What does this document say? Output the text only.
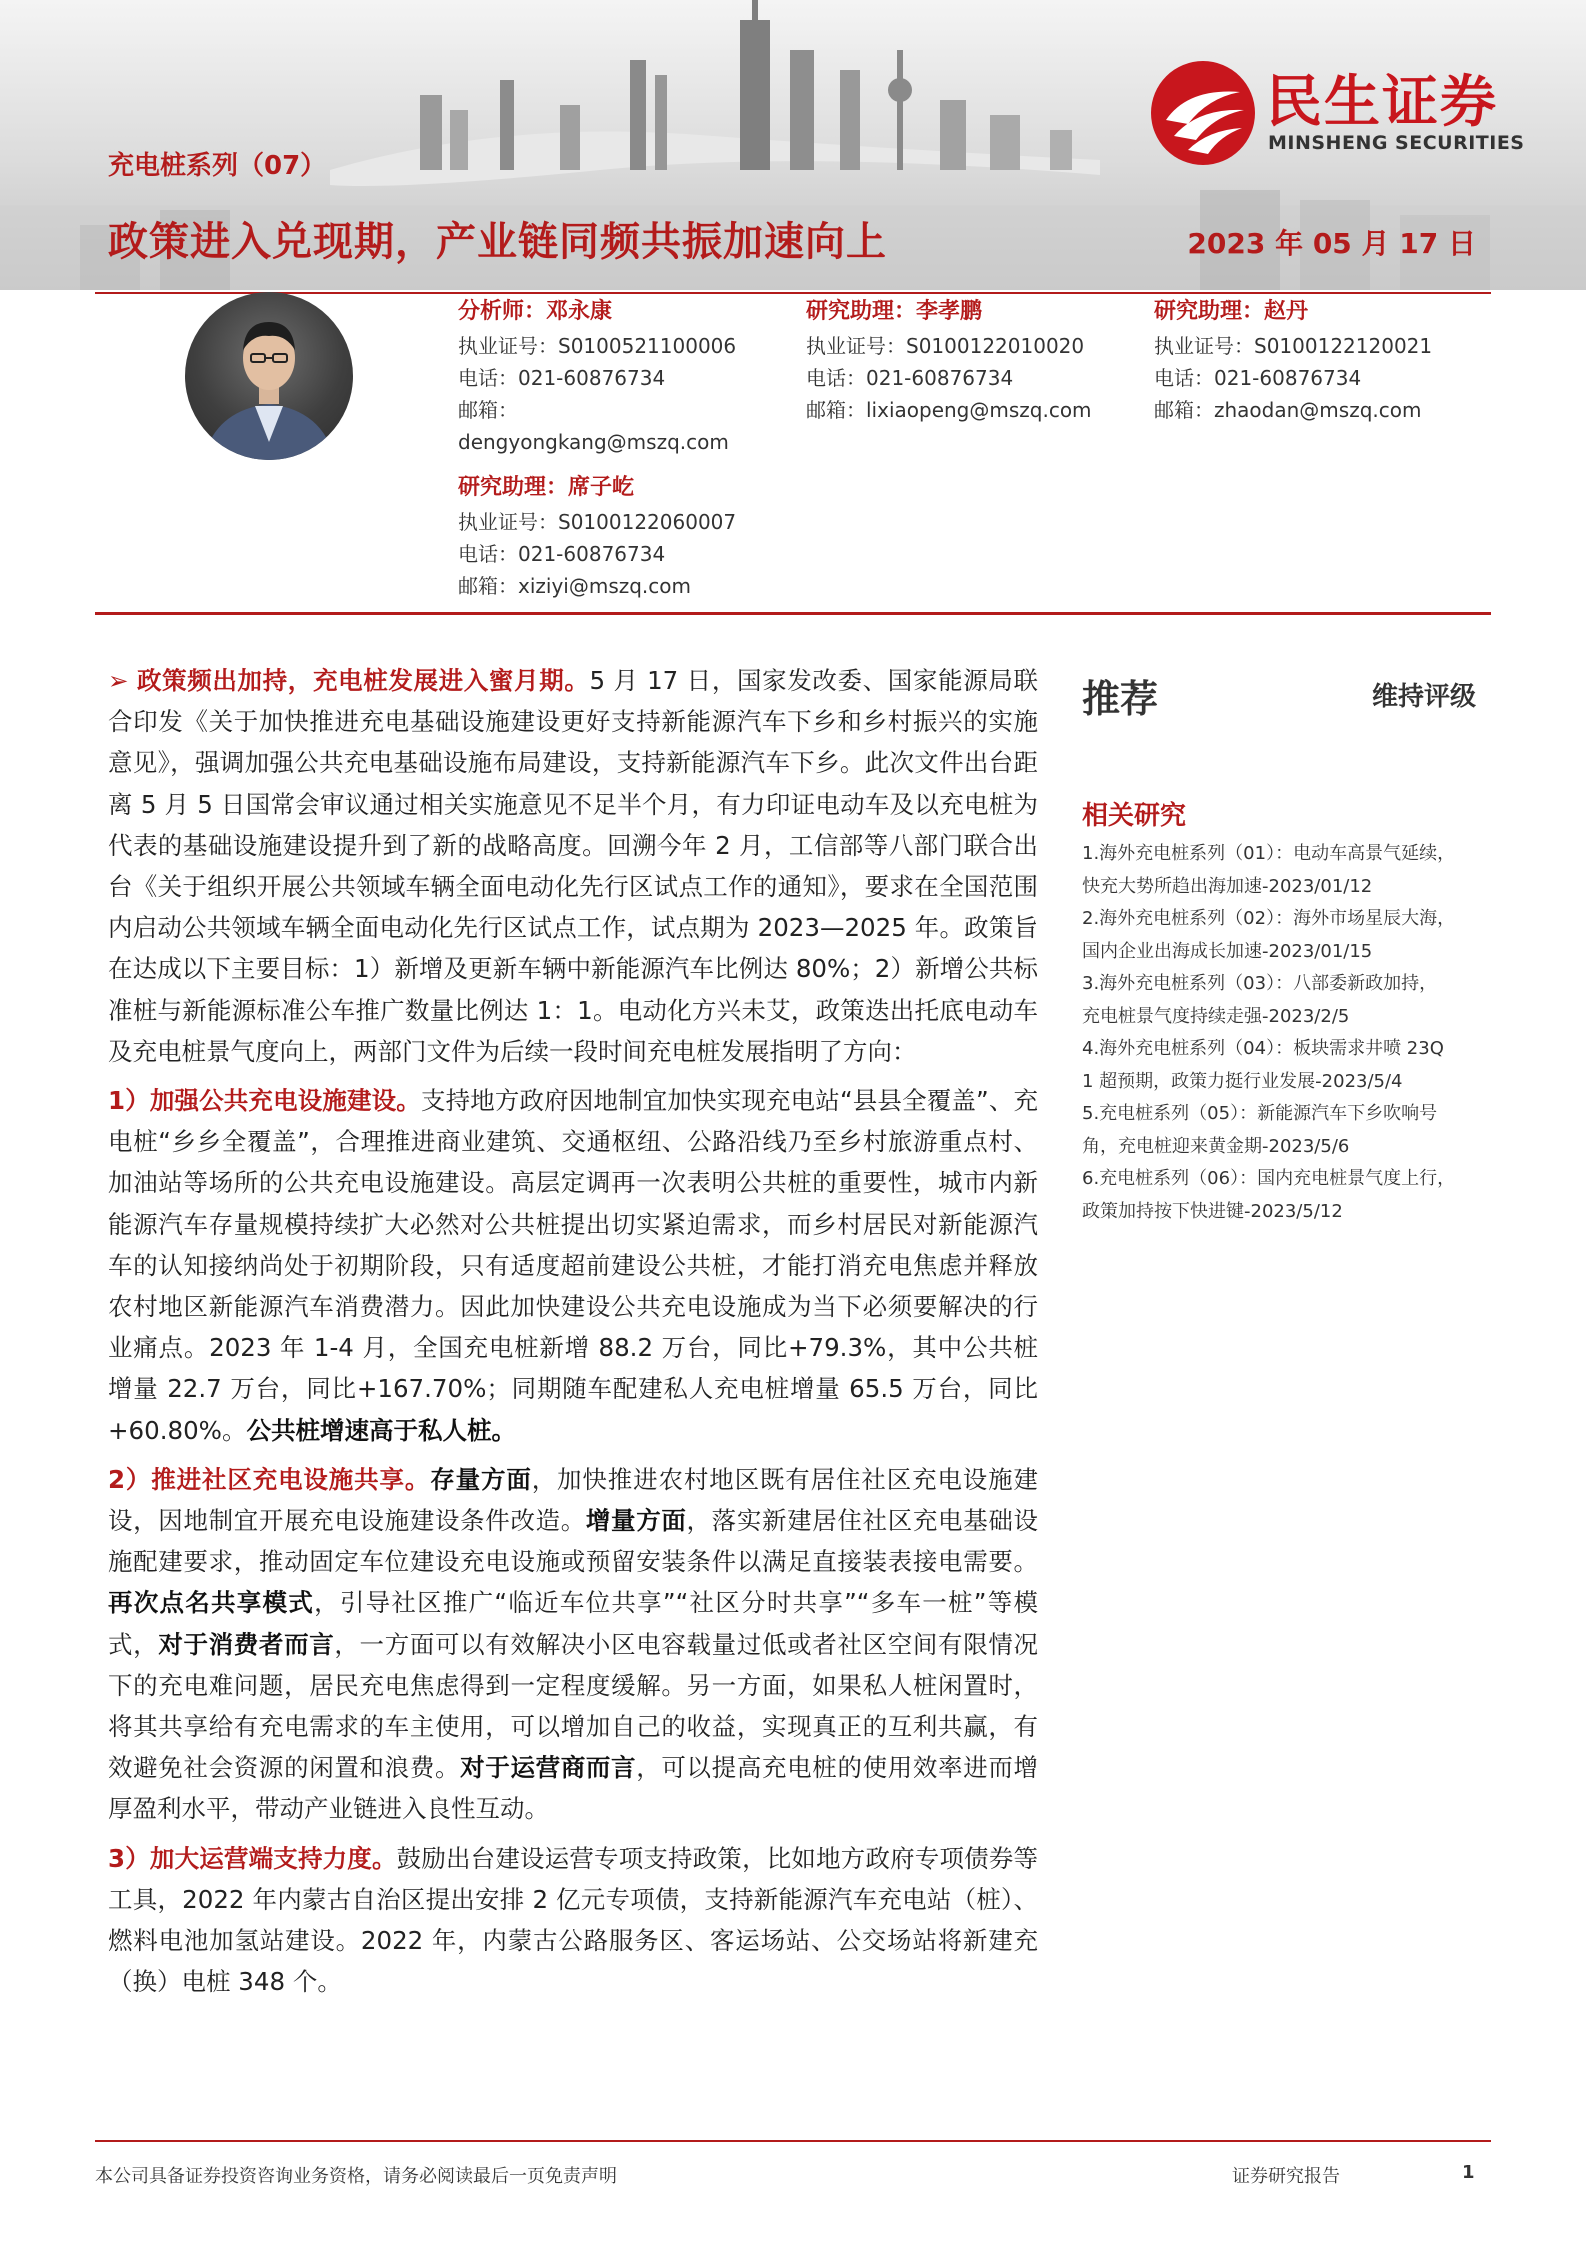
充电桩系列（07）
政策进入兑现期，产业链同频共振加速向上	2023 年 05 月 17 日
民生证券
MINSHENG SECURITIES
分析师：邓永康
执业证号：S0100521100006
电话：021-60876734
邮箱：
dengyongkang@mszq.com
研究助理：李孝鹏
执业证号：S0100122010020
电话：021-60876734
邮箱：lixiaopeng@mszq.com
研究助理：赵丹
执业证号：S0100122120021
电话：021-60876734
邮箱：zhaodan@mszq.com
研究助理：席子屹
执业证号：S0100122060007
电话：021-60876734
邮箱：xiziyi@mszq.com

➢ 政策频出加持，充电桩发展进入蜜月期。5 月 17 日，国家发改委、国家能源局联合印发《关于加快推进充电基础设施建设更好支持新能源汽车下乡和乡村振兴的实施意见》，强调加强公共充电基础设施布局建设，支持新能源汽车下乡。此次文件出台距离 5 月 5 日国常会审议通过相关实施意见不足半个月，有力印证电动车及以充电桩为代表的基础设施建设提升到了新的战略高度。回溯今年 2 月，工信部等八部门联合出台《关于组织开展公共领域车辆全面电动化先行区试点工作的通知》，要求在全国范围内启动公共领域车辆全面电动化先行区试点工作，试点期为 2023—2025 年。政策旨在达成以下主要目标：1）新增及更新车辆中新能源汽车比例达 80%；2）新增公共标准桩与新能源标准公车推广数量比例达 1：1。电动化方兴未艾，政策迭出托底电动车及充电桩景气度向上，两部门文件为后续一段时间充电桩发展指明了方向：

1）加强公共充电设施建设。支持地方政府因地制宜加快实现充电站“县县全覆盖”、充电桩“乡乡全覆盖”，合理推进商业建筑、交通枢纽、公路沿线乃至乡村旅游重点村、加油站等场所的公共充电设施建设。高层定调再一次表明公共桩的重要性，城市内新能源汽车存量规模持续扩大必然对公共桩提出切实紧迫需求，而乡村居民对新能源汽车的认知接纳尚处于初期阶段，只有适度超前建设公共桩，才能打消充电焦虑并释放农村地区新能源汽车消费潜力。因此加快建设公共充电设施成为当下必须要解决的行业痛点。2023 年 1-4 月，全国充电桩新增 88.2 万台，同比+79.3%，其中公共桩增量 22.7 万台，同比+167.70%；同期随车配建私人充电桩增量 65.5 万台，同比+60.80%。公共桩增速高于私人桩。

2）推进社区充电设施共享。存量方面，加快推进农村地区既有居住社区充电设施建设，因地制宜开展充电设施建设条件改造。增量方面，落实新建居住社区充电基础设施配建要求，推动固定车位建设充电设施或预留安装条件以满足直接装表接电需要。再次点名共享模式，引导社区推广“临近车位共享”“社区分时共享”“多车一桩”等模式，对于消费者而言，一方面可以有效解决小区电容载量过低或者社区空间有限情况下的充电难问题，居民充电焦虑得到一定程度缓解。另一方面，如果私人桩闲置时，将其共享给有充电需求的车主使用，可以增加自己的收益，实现真正的互利共赢，有效避免社会资源的闲置和浪费。对于运营商而言，可以提高充电桩的使用效率进而增厚盈利水平，带动产业链进入良性互动。

3）加大运营端支持力度。鼓励出台建设运营专项支持政策，比如地方政府专项债券等工具，2022 年内蒙古自治区提出安排 2 亿元专项债，支持新能源汽车充电站（桩）、燃料电池加氢站建设。2022 年，内蒙古公路服务区、客运场站、公交场站将新建充（换）电桩 348 个。

推荐	维持评级
相关研究
1.海外充电桩系列（01）：电动车高景气延续，
快充大势所趋出海加速-2023/01/12
2.海外充电桩系列（02）：海外市场星辰大海，
国内企业出海成长加速-2023/01/15
3.海外充电桩系列（03）：八部委新政加持，
充电桩景气度持续走强-2023/2/5
4.海外充电桩系列（04）：板块需求井喷 23Q
1 超预期，政策力挺行业发展-2023/5/4
5.充电桩系列（05）：新能源汽车下乡吹响号
角，充电桩迎来黄金期-2023/5/6
6.充电桩系列（06）：国内充电桩景气度上行，
政策加持按下快进键-2023/5/12
本公司具备证券投资咨询业务资格，请务必阅读最后一页免责声明	证券研究报告	1
